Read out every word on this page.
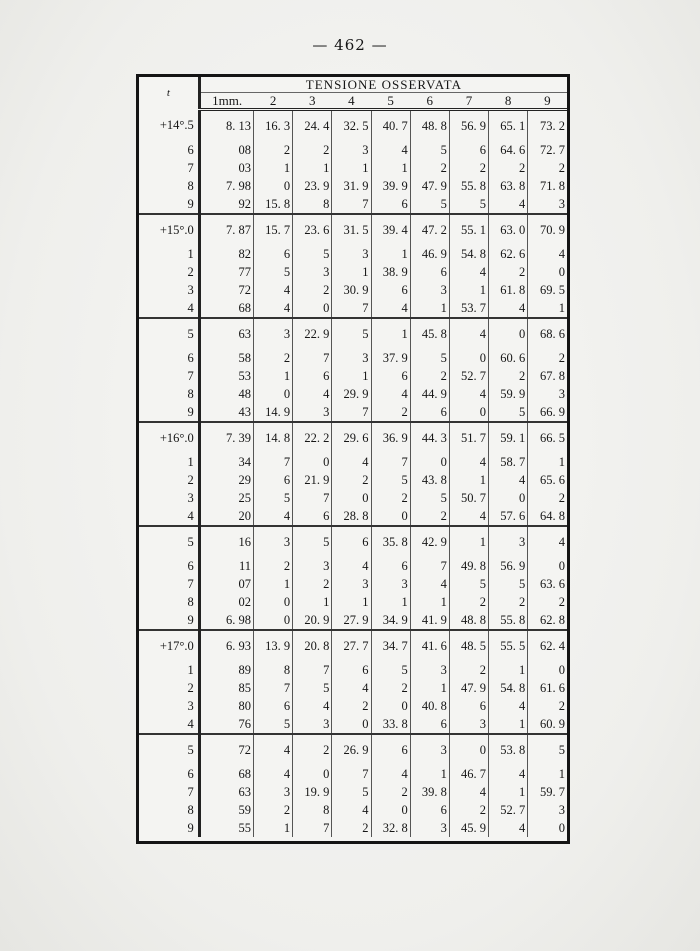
— 462 —
t	TENSIONE OSSERVATA								
	1mm.	2	3	4	5	6	7	8	9
+14°.5	8. 13	16. 3	24. 4	32. 5	40. 7	48. 8	56. 9	65. 1	73. 2
6	08	2	2	3	4	5	6	64. 6	72. 7
7	03	1	1	1	1	2	2	2	2
8	7. 98	0	23. 9	31. 9	39. 9	47. 9	55. 8	63. 8	71. 8
9	92	15. 8	8	7	6	5	5	4	3
+15°.0	7. 87	15. 7	23. 6	31. 5	39. 4	47. 2	55. 1	63. 0	70. 9
1	82	6	5	3	1	46. 9	54. 8	62. 6	4
2	77	5	3	1	38. 9	6	4	2	0
3	72	4	2	30. 9	6	3	1	61. 8	69. 5
4	68	4	0	7	4	1	53. 7	4	1
5	63	3	22. 9	5	1	45. 8	4	0	68. 6
6	58	2	7	3	37. 9	5	0	60. 6	2
7	53	1	6	1	6	2	52. 7	2	67. 8
8	48	0	4	29. 9	4	44. 9	4	59. 9	3
9	43	14. 9	3	7	2	6	0	5	66. 9
+16°.0	7. 39	14. 8	22. 2	29. 6	36. 9	44. 3	51. 7	59. 1	66. 5
1	34	7	0	4	7	0	4	58. 7	1
2	29	6	21. 9	2	5	43. 8	1	4	65. 6
3	25	5	7	0	2	5	50. 7	0	2
4	20	4	6	28. 8	0	2	4	57. 6	64. 8
5	16	3	5	6	35. 8	42. 9	1	3	4
6	11	2	3	4	6	7	49. 8	56. 9	0
7	07	1	2	3	3	4	5	5	63. 6
8	02	0	1	1	1	1	2	2	2
9	6. 98	0	20. 9	27. 9	34. 9	41. 9	48. 8	55. 8	62. 8
+17°.0	6. 93	13. 9	20. 8	27. 7	34. 7	41. 6	48. 5	55. 5	62. 4
1	89	8	7	6	5	3	2	1	0
2	85	7	5	4	2	1	47. 9	54. 8	61. 6
3	80	6	4	2	0	40. 8	6	4	2
4	76	5	3	0	33. 8	6	3	1	60. 9
5	72	4	2	26. 9	6	3	0	53. 8	5
6	68	4	0	7	4	1	46. 7	4	1
7	63	3	19. 9	5	2	39. 8	4	1	59. 7
8	59	2	8	4	0	6	2	52. 7	3
9	55	1	7	2	32. 8	3	45. 9	4	0
